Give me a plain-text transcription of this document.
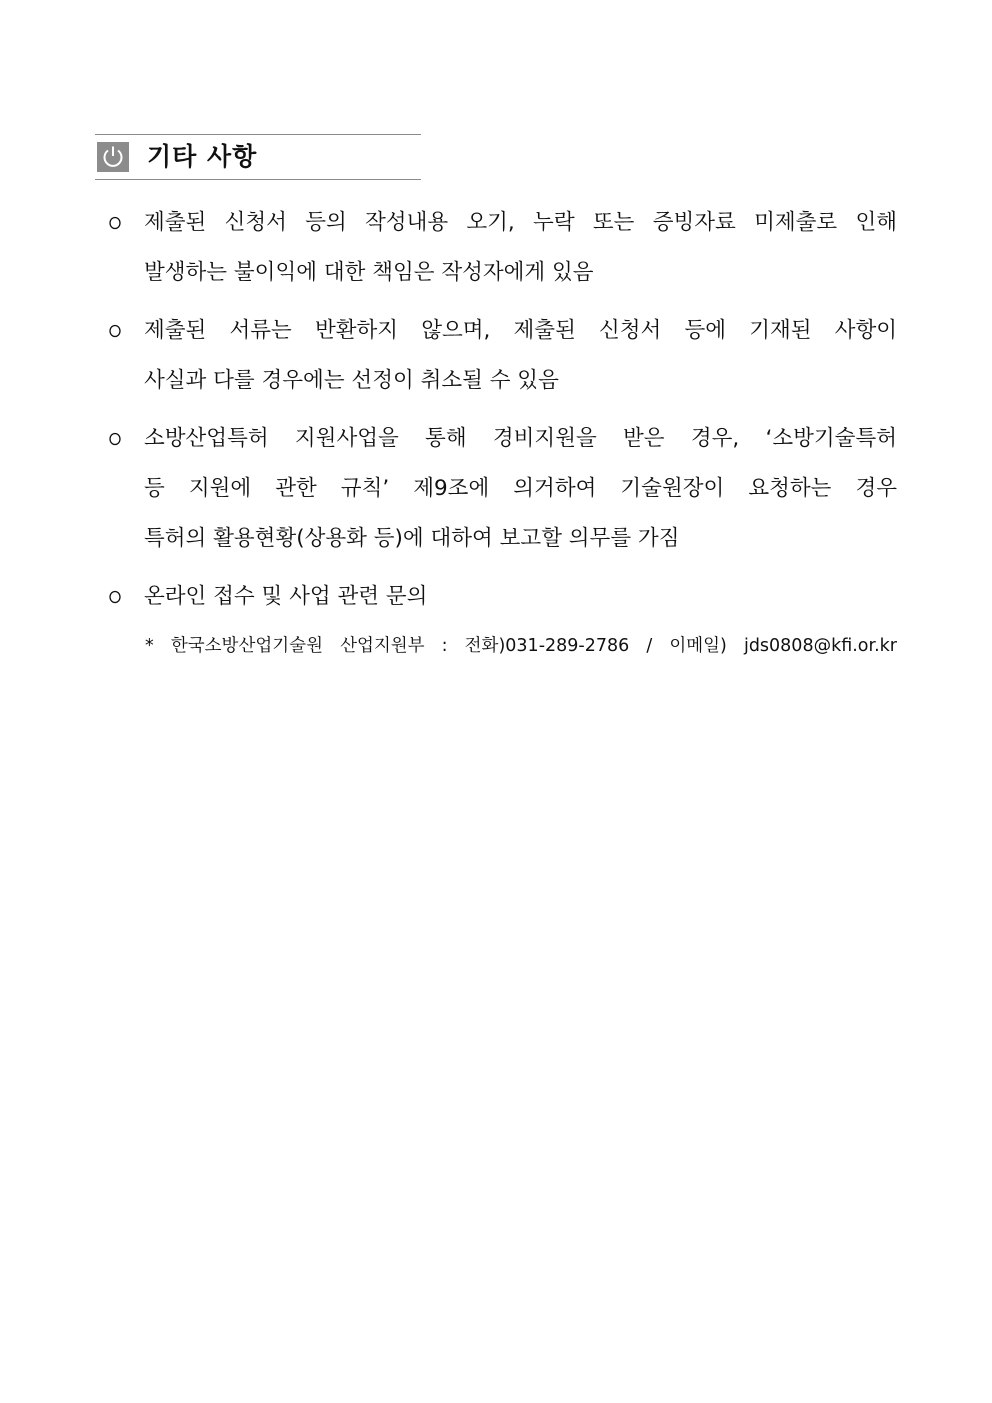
기타 사항
제출된 신청서 등의 작성내용 오기, 누락 또는 증빙자료 미제출로 인해
발생하는 불이익에 대한 책임은 작성자에게 있음
제출된 서류는 반환하지 않으며, 제출된 신청서 등에 기재된 사항이
사실과 다를 경우에는 선정이 취소될 수 있음
소방산업특허 지원사업을 통해 경비지원을 받은 경우, ‘소방기술특허
등 지원에 관한 규칙’ 제9조에 의거하여 기술원장이 요청하는 경우
특허의 활용현황(상용화 등)에 대하여 보고할 의무를 가짐
온라인 접수 및 사업 관련 문의
* 한국소방산업기술원 산업지원부 : 전화)031-289-2786 / 이메일) jds0808@kfi.or.kr
